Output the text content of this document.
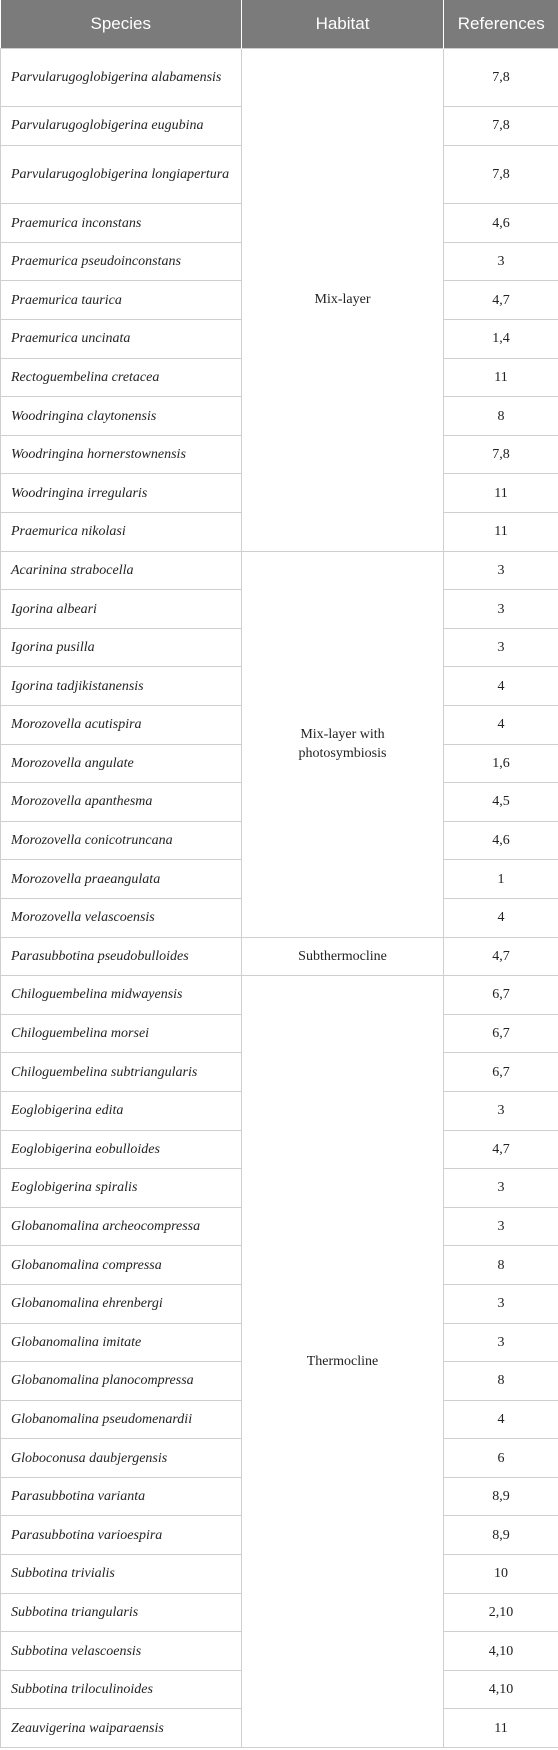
Species	Habitat	References
Parvularugoglobigerina alabamensis	Mix-layer	7,8
Parvularugoglobigerina eugubina		7,8
Parvularugoglobigerina longiapertura		7,8
Praemurica inconstans		4,6
Praemurica pseudoinconstans		3
Praemurica taurica		4,7
Praemurica uncinata		1,4
Rectoguembelina cretacea		11
Woodringina claytonensis		8
Woodringina hornerstownensis		7,8
Woodringina irregularis		11
Praemurica nikolasi		11
Acarinina strabocella	Mix-layer with photosymbiosis	3
Igorina albeari		3
Igorina pusilla		3
Igorina tadjikistanensis		4
Morozovella acutispira		4
Morozovella angulate		1,6
Morozovella apanthesma		4,5
Morozovella conicotruncana		4,6
Morozovella praeangulata		1
Morozovella velascoensis		4
Parasubbotina pseudobulloides	Subthermocline	4,7
Chiloguembelina midwayensis	Thermocline	6,7
Chiloguembelina morsei		6,7
Chiloguembelina subtriangularis		6,7
Eoglobigerina edita		3
Eoglobigerina eobulloides		4,7
Eoglobigerina spiralis		3
Globanomalina archeocompressa		3
Globanomalina compressa		8
Globanomalina ehrenbergi		3
Globanomalina imitate		3
Globanomalina planocompressa		8
Globanomalina pseudomenardii		4
Globoconusa daubjergensis		6
Parasubbotina varianta		8,9
Parasubbotina varioespira		8,9
Subbotina trivialis		10
Subbotina triangularis		2,10
Subbotina velascoensis		4,10
Subbotina triloculinoides		4,10
Zeauvigerina waiparaensis		11
